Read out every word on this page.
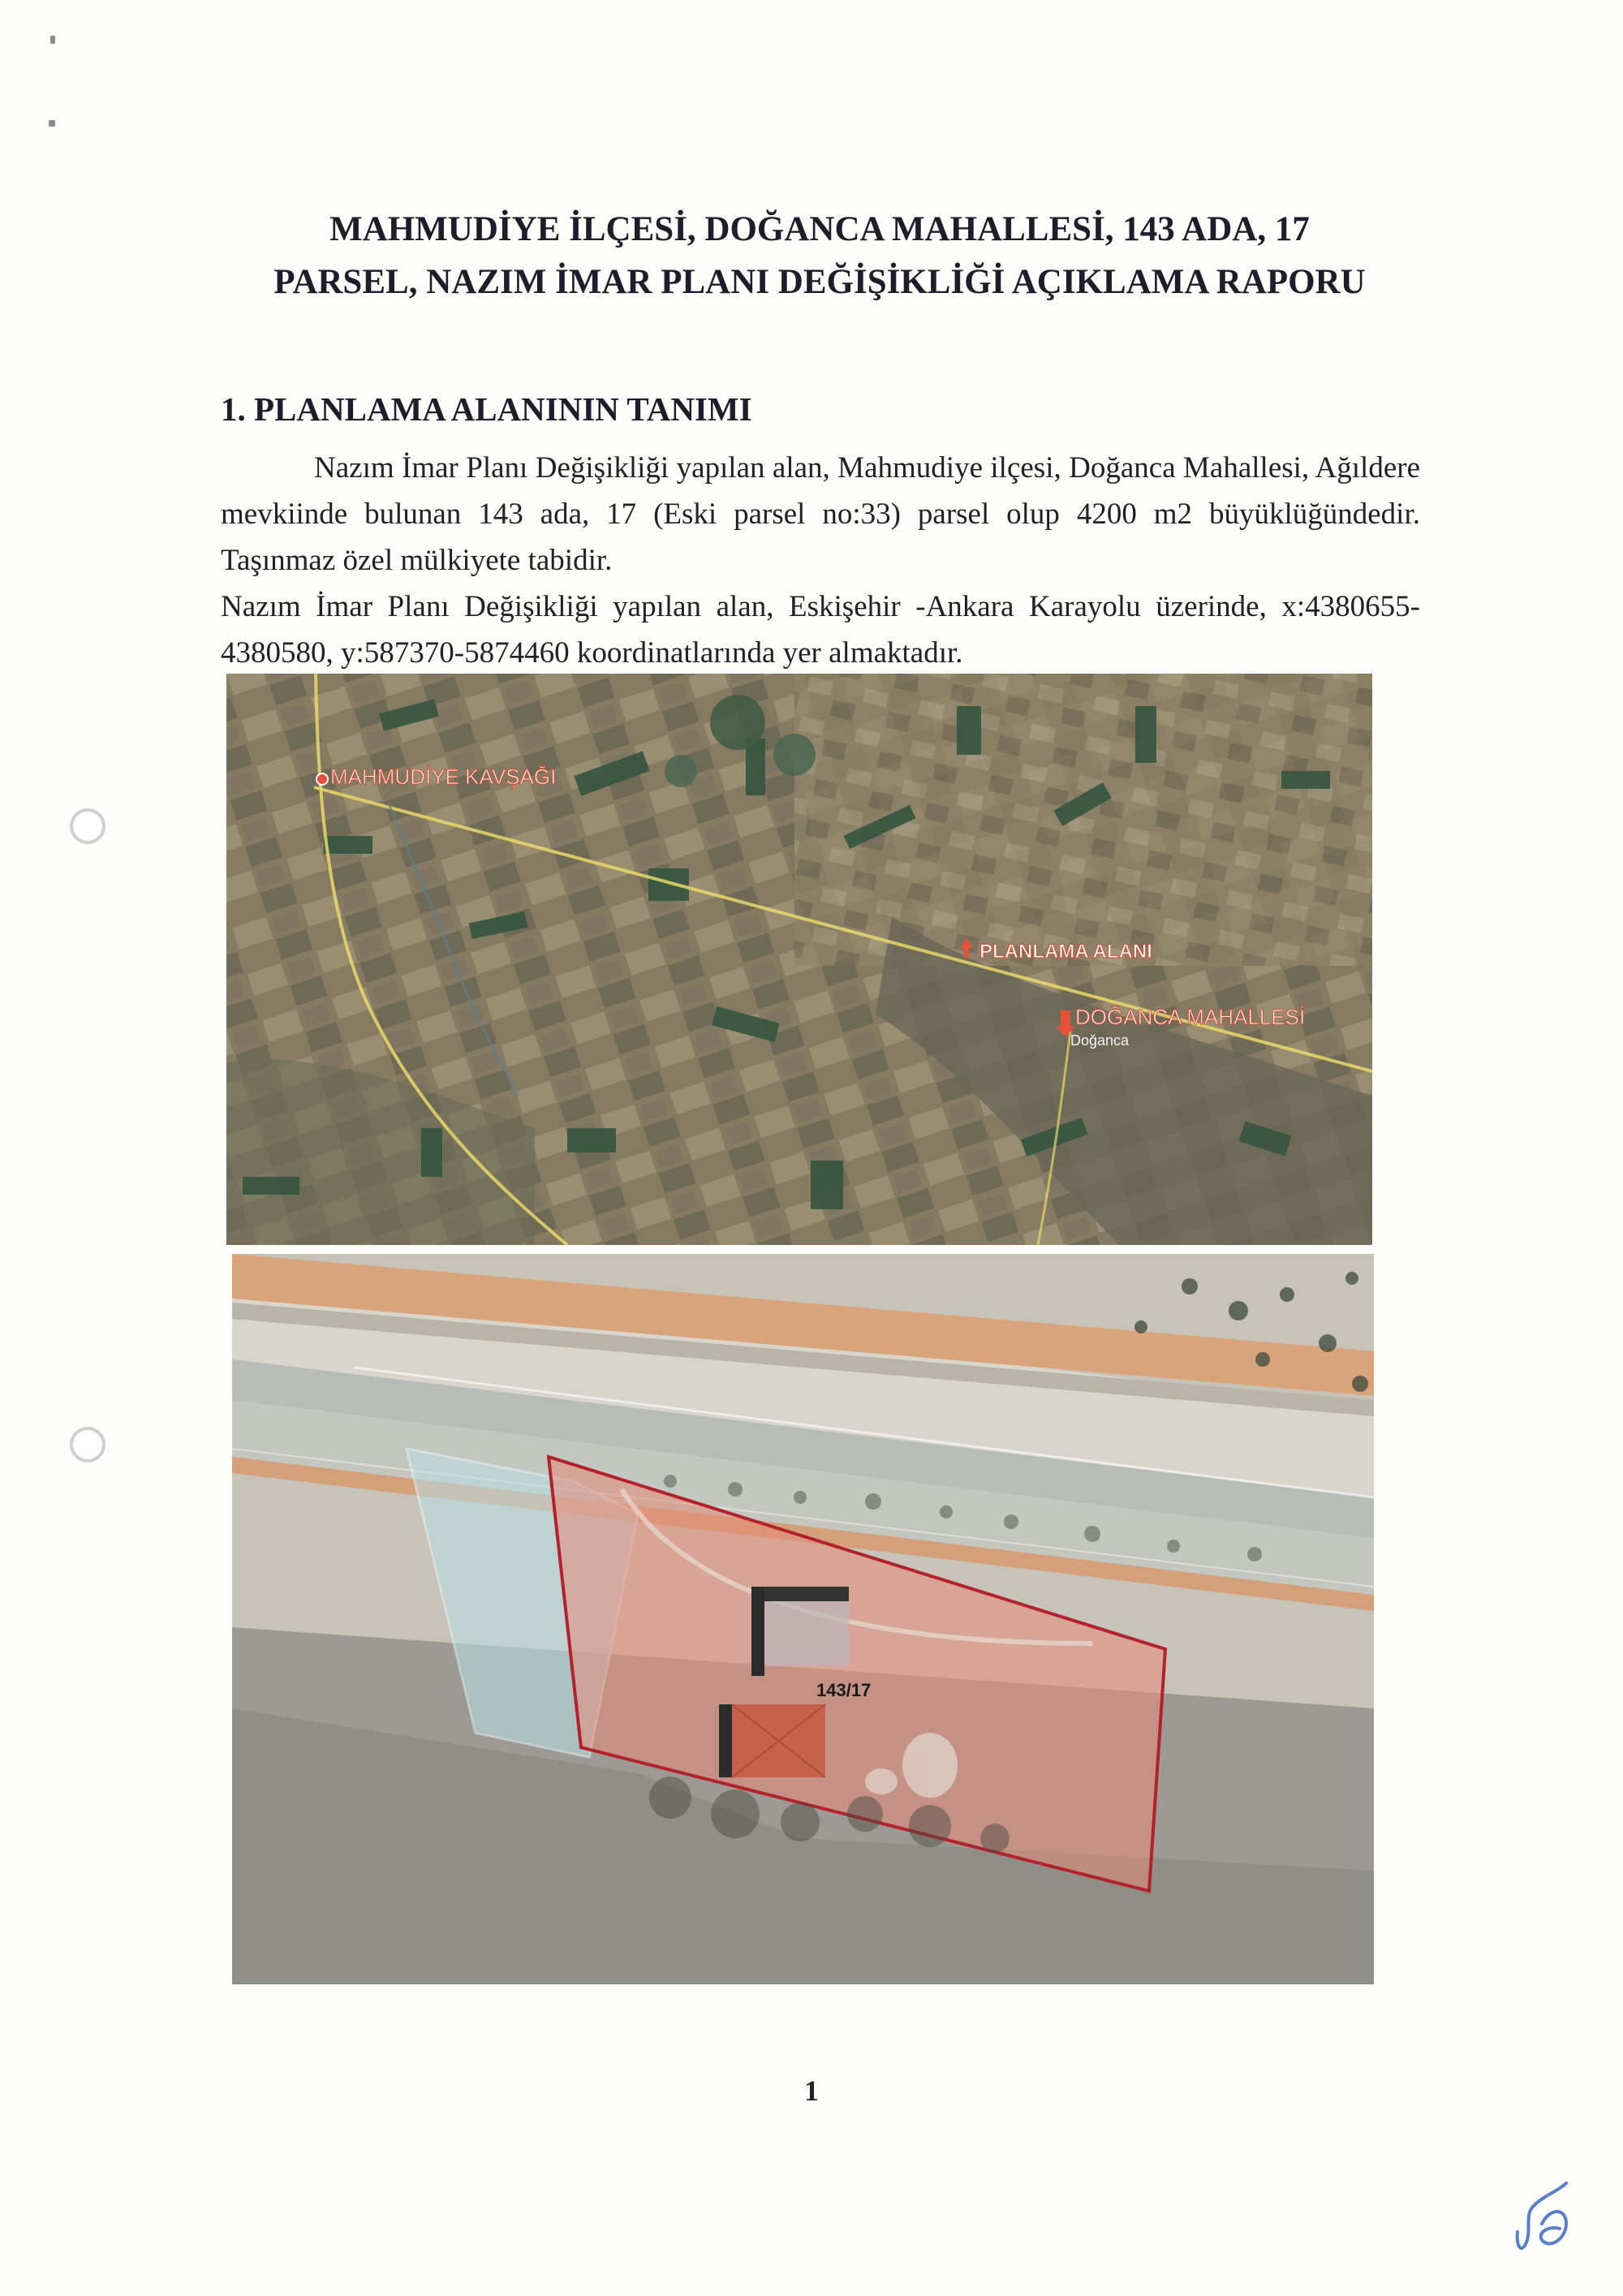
MAHMUDİYE İLÇESİ, DOĞANCA MAHALLESİ, 143 ADA, 17
PARSEL, NAZIM İMAR PLANI DEĞİŞİKLİĞİ AÇIKLAMA RAPORU
1. PLANLAMA ALANININ TANIMI

Nazım İmar Planı Değişikliği yapılan alan, Mahmudiye ilçesi, Doğanca Mahallesi, Ağıldere mevkiinde bulunan 143 ada, 17 (Eski parsel no:33) parsel olup 4200 m2 büyüklüğündedir. Taşınmaz özel mülkiyete tabidir.

Nazım İmar Planı Değişikliği yapılan alan, Eskişehir -Ankara Karayolu üzerinde, x:4380655-4380580, y:587370-5874460 koordinatlarında yer almaktadır.

MAHMUDİYE KAVŞAĞI
PLANLAMA ALANI
DOĞANCA MAHALLESİ
Doğanca
143/17
1
